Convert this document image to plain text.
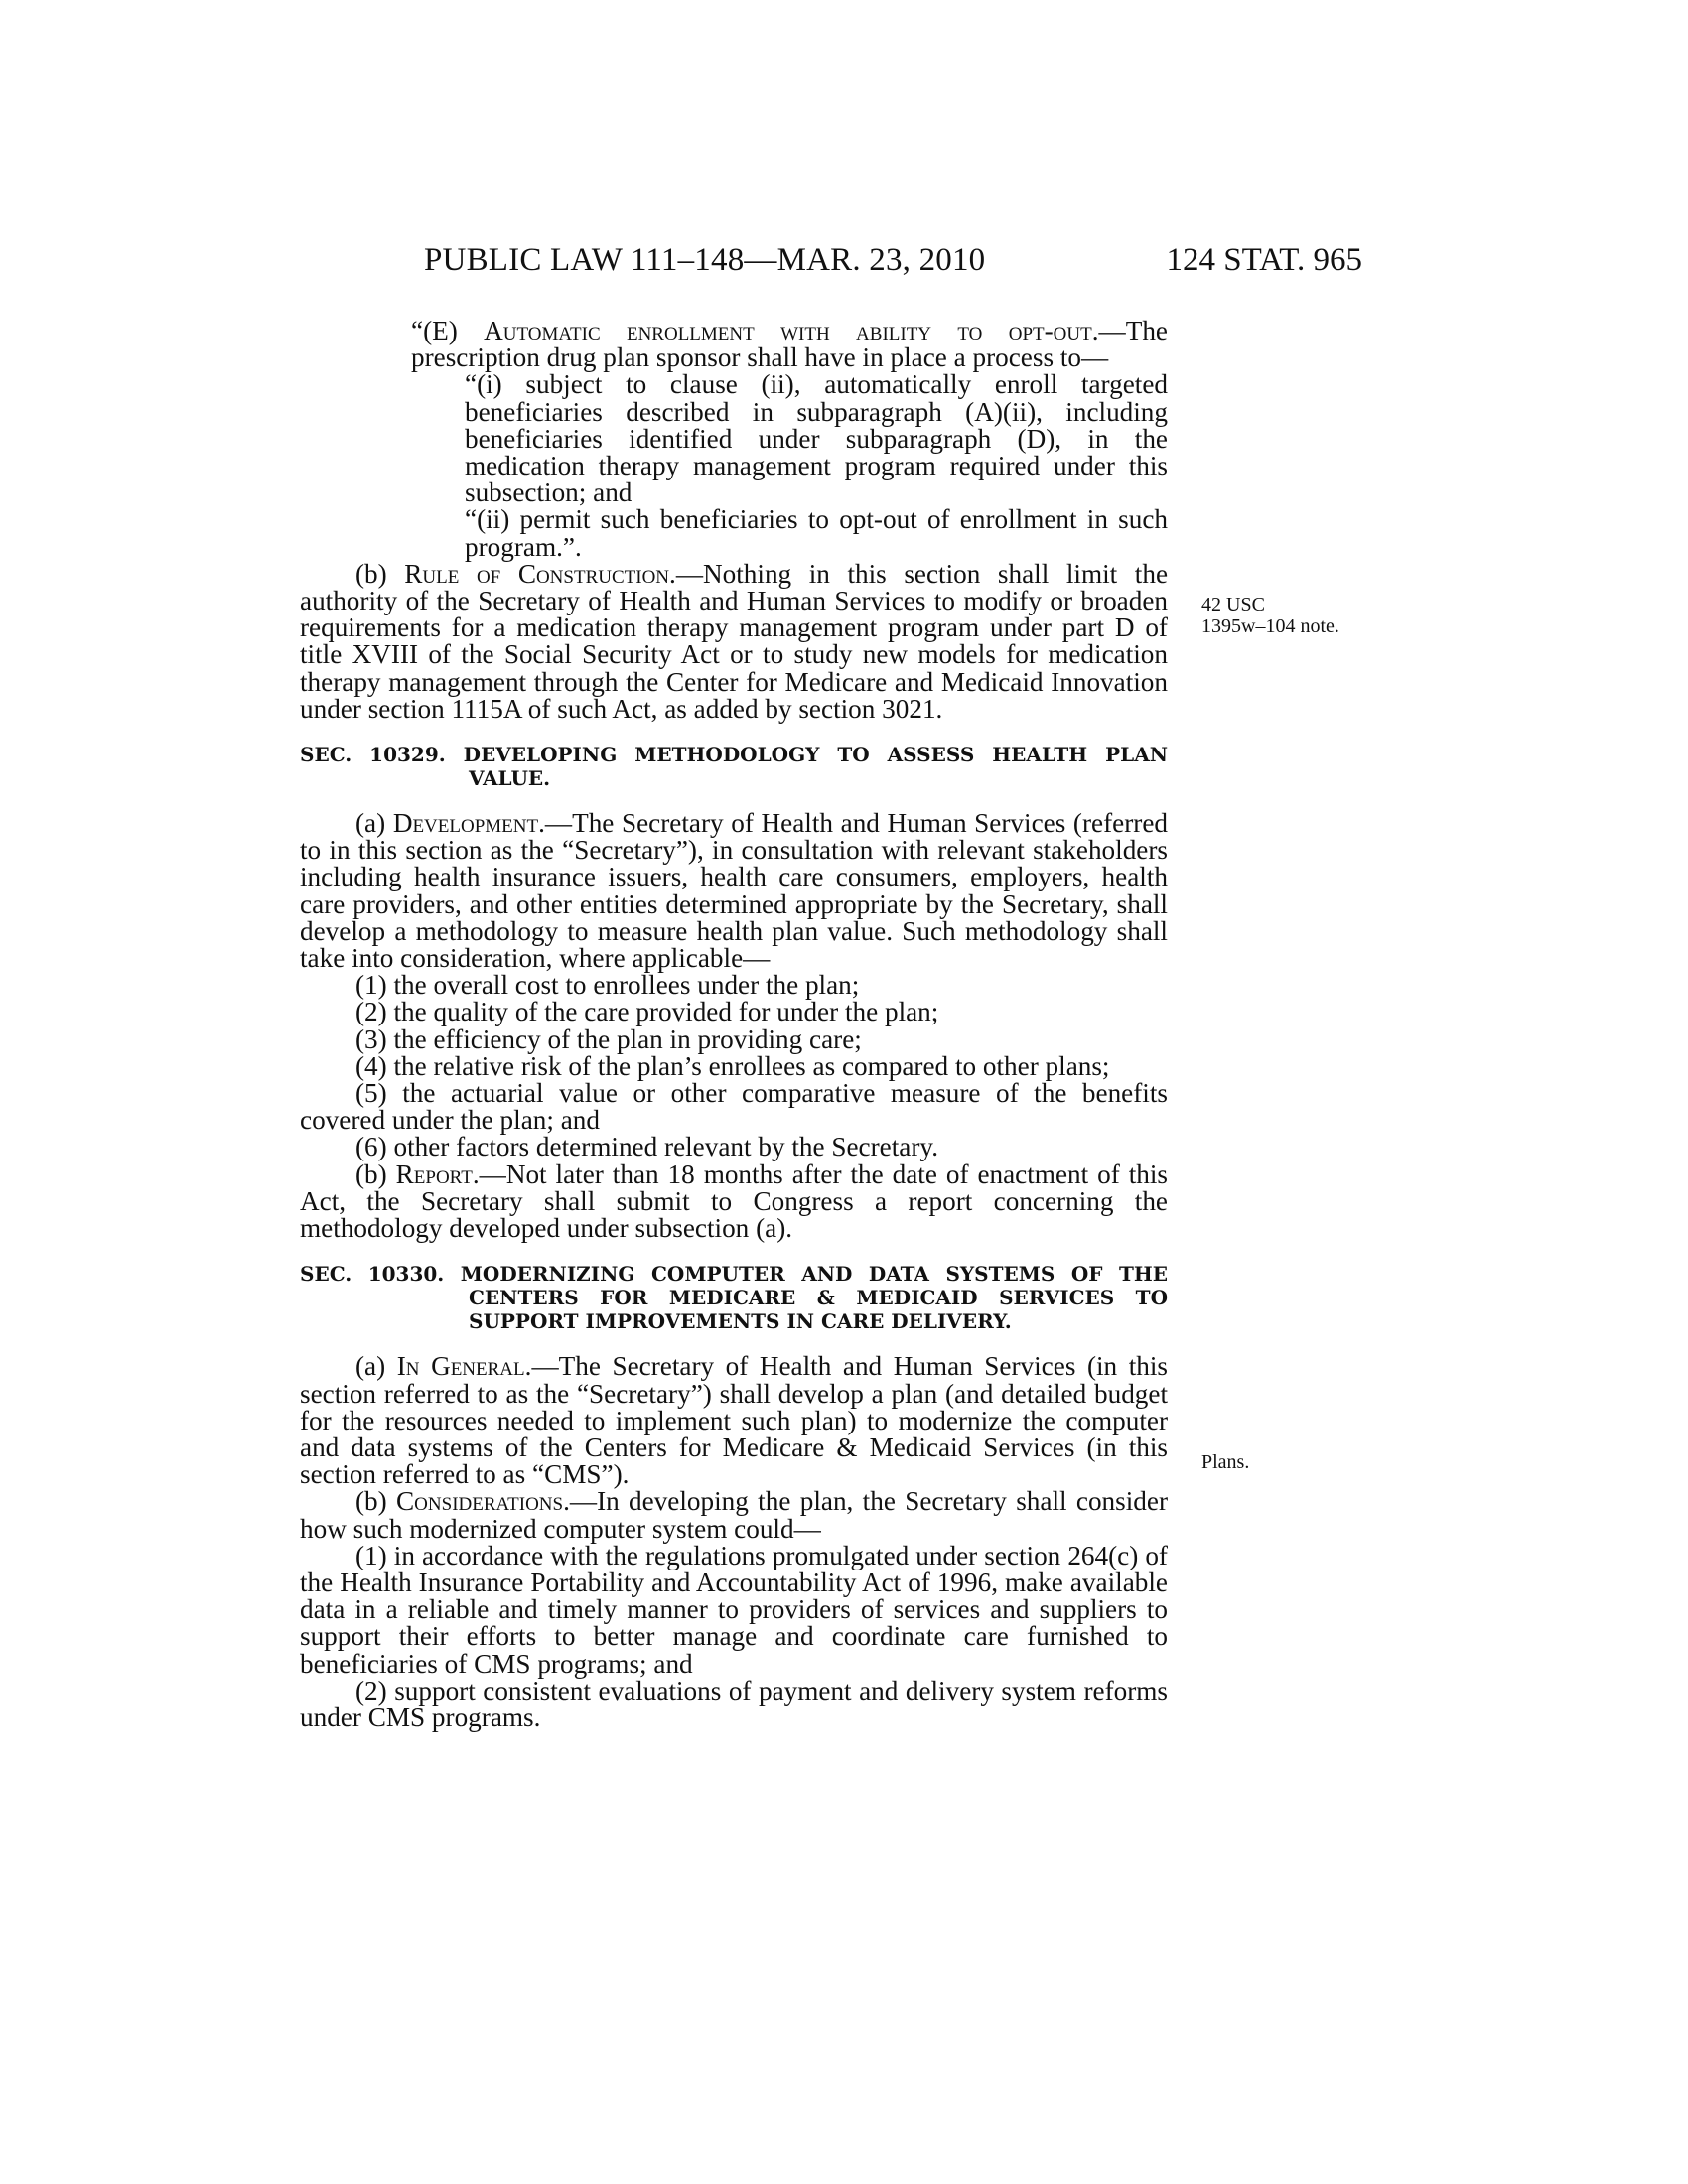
PUBLIC LAW 111–148—MAR. 23, 2010	124 STAT. 965
42 USC
1395w–104 note.
Plans.

“(E) Automatic enrollment with ability to opt-out.—The prescription drug plan sponsor shall have in place a process to—

“(i) subject to clause (ii), automatically enroll targeted beneficiaries described in subparagraph (A)(ii), including beneficiaries identified under subparagraph (D), in the medication therapy management program required under this subsection; and

“(ii) permit such beneficiaries to opt-out of enrollment in such program.”.

(b) Rule of Construction.—Nothing in this section shall limit the authority of the Secretary of Health and Human Services to modify or broaden requirements for a medication therapy management program under part D of title XVIII of the Social Security Act or to study new models for medication therapy management through the Center for Medicare and Medicaid Innovation under section 1115A of such Act, as added by section 3021.

SEC. 10329. DEVELOPING METHODOLOGY TO ASSESS HEALTH PLAN VALUE.

(a) Development.—The Secretary of Health and Human Services (referred to in this section as the “Secretary”), in consultation with relevant stakeholders including health insurance issuers, health care consumers, employers, health care providers, and other entities determined appropriate by the Secretary, shall develop a methodology to measure health plan value. Such methodology shall take into consideration, where applicable—

(1) the overall cost to enrollees under the plan;

(2) the quality of the care provided for under the plan;

(3) the efficiency of the plan in providing care;

(4) the relative risk of the plan’s enrollees as compared to other plans;

(5) the actuarial value or other comparative measure of the benefits covered under the plan; and

(6) other factors determined relevant by the Secretary.

(b) Report.—Not later than 18 months after the date of enactment of this Act, the Secretary shall submit to Congress a report concerning the methodology developed under subsection (a).

SEC. 10330. MODERNIZING COMPUTER AND DATA SYSTEMS OF THE CENTERS FOR MEDICARE & MEDICAID SERVICES TO SUPPORT IMPROVEMENTS IN CARE DELIVERY.

(a) In General.—The Secretary of Health and Human Services (in this section referred to as the “Secretary”) shall develop a plan (and detailed budget for the resources needed to implement such plan) to modernize the computer and data systems of the Centers for Medicare & Medicaid Services (in this section referred to as “CMS”).

(b) Considerations.—In developing the plan, the Secretary shall consider how such modernized computer system could—

(1) in accordance with the regulations promulgated under section 264(c) of the Health Insurance Portability and Accountability Act of 1996, make available data in a reliable and timely manner to providers of services and suppliers to support their efforts to better manage and coordinate care furnished to beneficiaries of CMS programs; and

(2) support consistent evaluations of payment and delivery system reforms under CMS programs.
